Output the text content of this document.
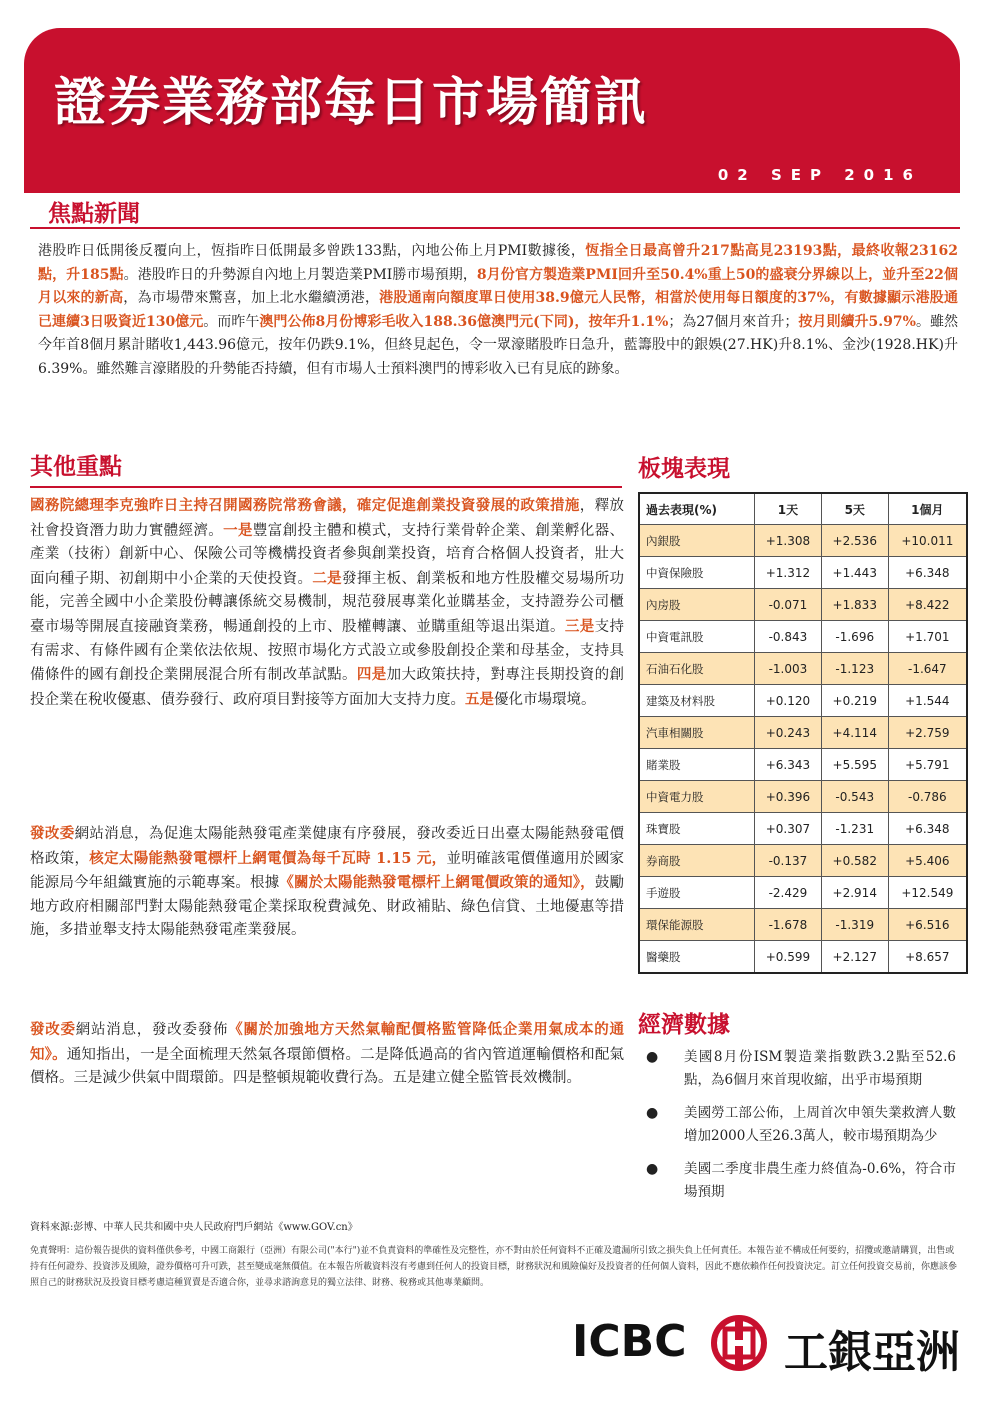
證券業務部每日市場簡訊
02 SEP 2016
焦點新聞

港股昨日低開後反覆向上，恆指昨日低開最多曾跌133點，內地公佈上月PMI數據後，恆指全日最高曾升217點高見23193點，最終收報23162點，升185點。港股昨日的升勢源自內地上月製造業PMI勝市場預期，8月份官方製造業PMI回升至50.4%重上50的盛衰分界線以上，並升至22個月以來的新高，為市場帶來驚喜，加上北水繼續湧港，港股通南向額度單日使用38.9億元人民幣，相當於使用每日額度的37%，有數據顯示港股通已連續3日吸資近130億元。而昨午澳門公佈8月份博彩毛收入188.36億澳門元(下同)，按年升1.1%；為27個月來首升；按月則續升5.97%。雖然今年首8個月累計賭收1,443.96億元，按年仍跌9.1%，但終見起色，令一眾濠賭股昨日急升，藍籌股中的銀娛(27.HK)升8.1%、金沙(1928.HK)升6.39%。雖然難言濠賭股的升勢能否持續，但有市場人士預料澳門的博彩收入已有見底的跡象。

其他重點

國務院總理李克強昨日主持召開國務院常務會議，確定促進創業投資發展的政策措施，釋放社會投資潛力助力實體經濟。一是豐富創投主體和模式，支持行業骨幹企業、創業孵化器、產業（技術）創新中心、保險公司等機構投資者參與創業投資，培育合格個人投資者，壯大面向種子期、初創期中小企業的天使投資。二是發揮主板、創業板和地方性股權交易場所功能，完善全國中小企業股份轉讓係統交易機制，規范發展專業化並購基金，支持證券公司櫃臺市場等開展直接融資業務，暢通創投的上市、股權轉讓、並購重組等退出渠道。三是支持有需求、有條件國有企業依法依規、按照市場化方式設立或參股創投企業和母基金，支持具備條件的國有創投企業開展混合所有制改革試點。四是加大政策扶持，對專注長期投資的創投企業在稅收優惠、債券發行、政府項目對接等方面加大支持力度。五是優化市場環境。

發改委網站消息，為促進太陽能熱發電產業健康有序發展，發改委近日出臺太陽能熱發電價格政策，核定太陽能熱發電標杆上網電價為每千瓦時 1.15 元，並明確該電價僅適用於國家能源局今年組織實施的示範專案。根據《關於太陽能熱發電標杆上網電價政策的通知》，鼓勵地方政府相關部門對太陽能熱發電企業採取稅費減免、財政補貼、綠色信貸、土地優惠等措施，多措並舉支持太陽能熱發電產業發展。

發改委網站消息，發改委發佈《關於加強地方天然氣輸配價格監管降低企業用氣成本的通知》。通知指出，一是全面梳理天然氣各環節價格。二是降低過高的省內管道運輸價格和配氣價格。三是減少供氣中間環節。四是整頓規範收費行為。五是建立健全監管長效機制。

板塊表現
過去表現(%)	1天	5天	1個月
內銀股	+1.308	+2.536	+10.011
中資保險股	+1.312	+1.443	+6.348
內房股	-0.071	+1.833	+8.422
中資電訊股	-0.843	-1.696	+1.701
石油石化股	-1.003	-1.123	-1.647
建築及材料股	+0.120	+0.219	+1.544
汽車相關股	+0.243	+4.114	+2.759
賭業股	+6.343	+5.595	+5.791
中資電力股	+0.396	-0.543	-0.786
珠寶股	+0.307	-1.231	+6.348
券商股	-0.137	+0.582	+5.406
手遊股	-2.429	+2.914	+12.549
環保能源股	-1.678	-1.319	+6.516
醫藥股	+0.599	+2.127	+8.657
經濟數據
● 美國8月份ISM製造業指數跌3.2點至52.6點，為6個月來首現收縮，出乎市場預期
● 美國勞工部公佈，上周首次申領失業救濟人數增加2000人至26.3萬人，較市場預期為少
● 美國二季度非農生產力終值為-0.6%，符合市場預期

資料來源:彭博、中華人民共和國中央人民政府門戶網站《www.GOV.cn》

免責聲明：這份報告提供的資料僅供參考，中國工商銀行（亞洲）有限公司("本行")並不負責資料的準確性及完整性，亦不對由於任何資料不正確及遺漏所引致之損失負上任何責任。本報告並不構成任何要約，招攬或邀請購買，出售或持有任何證券、投資涉及風險，證券價格可升可跌，甚至變成毫無價值。在本報告所載資料沒有考慮到任何人的投資目標，財務狀況和風險偏好及投資者的任何個人資料，因此不應依賴作任何投資決定。訂立任何投資交易前，你應該參照自己的財務狀況及投資目標考慮這種買賣是否適合你，並尋求諮詢意見的獨立法律、財務、稅務或其他專業顧問。

ICBC 工銀亞洲
